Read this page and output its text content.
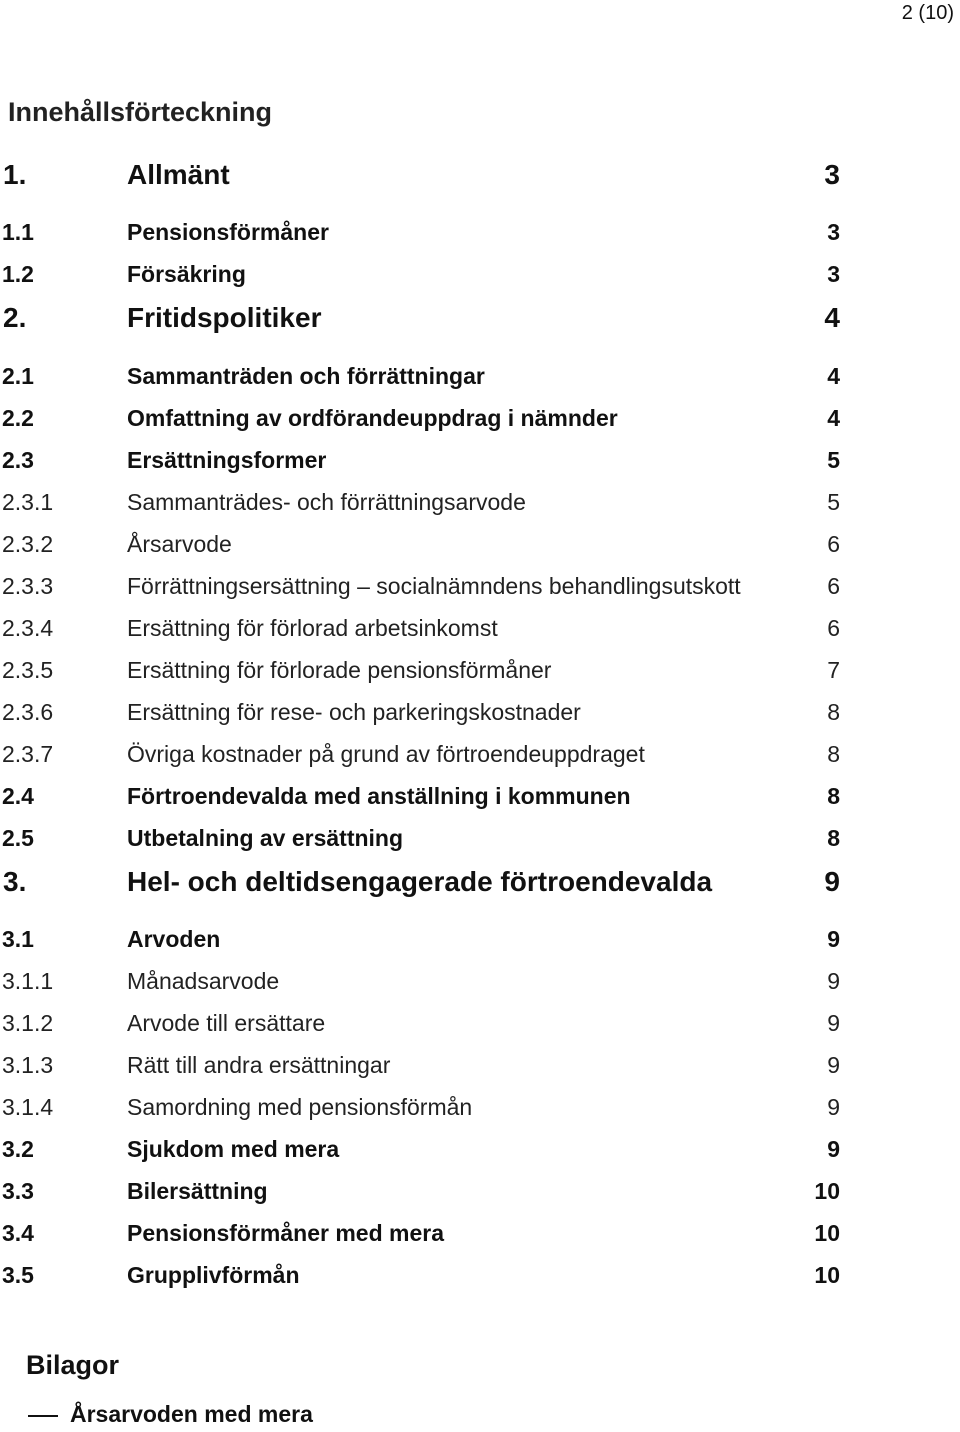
2 (10)
Innehållsförteckning
1.	Allmänt	3
1.1	Pensionsförmåner	3
1.2	Försäkring	3
2.	Fritidspolitiker	4
2.1	Sammanträden och förrättningar	4
2.2	Omfattning av ordförandeuppdrag i nämnder	4
2.3	Ersättningsformer	5
2.3.1	Sammanträdes- och förrättningsarvode	5
2.3.2	Årsarvode	6
2.3.3	Förrättningsersättning – socialnämndens behandlingsutskott	6
2.3.4	Ersättning för förlorad arbetsinkomst	6
2.3.5	Ersättning för förlorade pensionsförmåner	7
2.3.6	Ersättning för rese- och parkeringskostnader	8
2.3.7	Övriga kostnader på grund av förtroendeuppdraget	8
2.4	Förtroendevalda med anställning i kommunen	8
2.5	Utbetalning av ersättning	8
3.	Hel- och deltidsengagerade förtroendevalda	9
3.1	Arvoden	9
3.1.1	Månadsarvode	9
3.1.2	Arvode till ersättare	9
3.1.3	Rätt till andra ersättningar	9
3.1.4	Samordning med pensionsförmån	9
3.2	Sjukdom med mera	9
3.3	Bilersättning	10
3.4	Pensionsförmåner med mera	10
3.5	Grupplivförmån	10
Bilagor
Årsarvoden med mera
